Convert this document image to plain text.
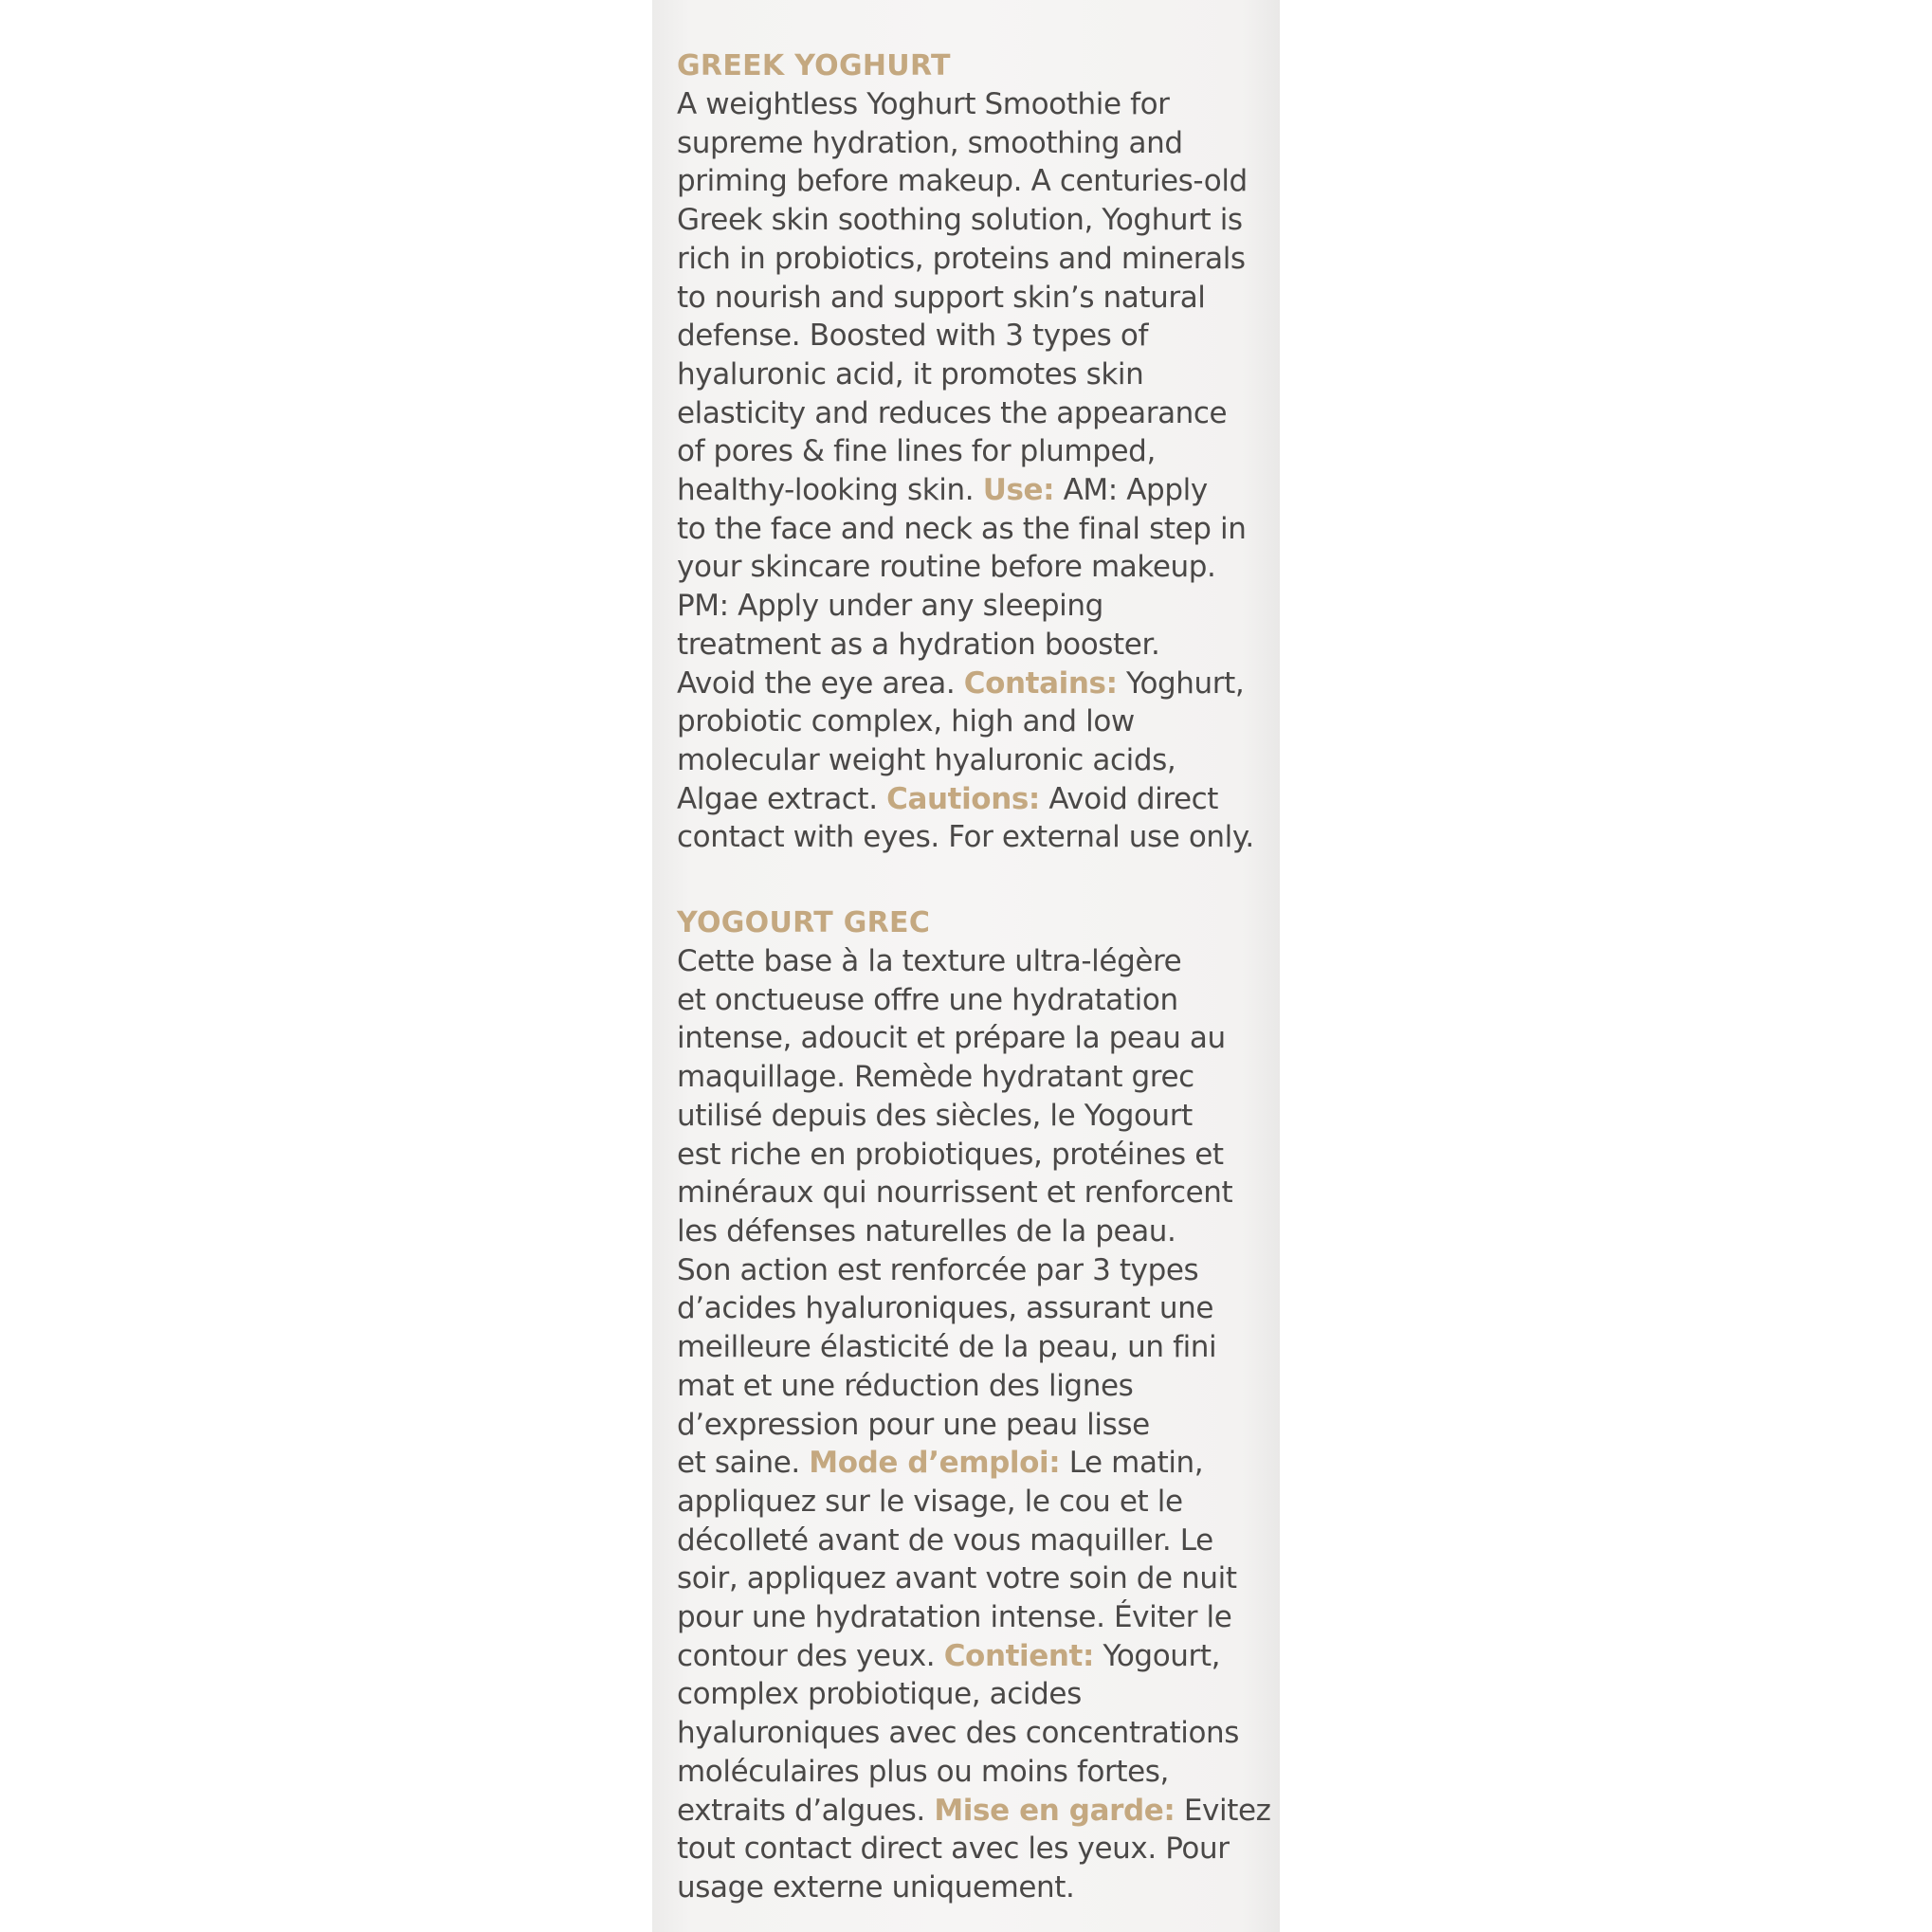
GREEK YOGHURT

A weightless Yoghurt Smoothie for

supreme hydration, smoothing and

priming before makeup. A centuries-old

Greek skin soothing solution, Yoghurt is

rich in probiotics, proteins and minerals

to nourish and support skin’s natural

defense. Boosted with 3 types of

hyaluronic acid, it promotes skin

elasticity and reduces the appearance

of pores & fine lines for plumped,

healthy-looking skin. Use: AM: Apply

to the face and neck as the final step in

your skincare routine before makeup.

PM: Apply under any sleeping

treatment as a hydration booster.

Avoid the eye area. Contains: Yoghurt,

probiotic complex, high and low

molecular weight hyaluronic acids,

Algae extract. Cautions: Avoid direct

contact with eyes. For external use only.

YOGOURT GREC

Cette base à la texture ultra-légère

et onctueuse offre une hydratation

intense, adoucit et prépare la peau au

maquillage. Remède hydratant grec

utilisé depuis des siècles, le Yogourt

est riche en probiotiques, protéines et

minéraux qui nourrissent et renforcent

les défenses naturelles de la peau.

Son action est renforcée par 3 types

d’acides hyaluroniques, assurant une

meilleure élasticité de la peau, un fini

mat et une réduction des lignes

d’expression pour une peau lisse

et saine. Mode d’emploi: Le matin,

appliquez sur le visage, le cou et le

décolleté avant de vous maquiller. Le

soir, appliquez avant votre soin de nuit

pour une hydratation intense. Éviter le

contour des yeux. Contient: Yogourt,

complex probiotique, acides

hyaluroniques avec des concentrations

moléculaires plus ou moins fortes,

extraits d’algues. Mise en garde: Evitez

tout contact direct avec les yeux. Pour

usage externe uniquement.
